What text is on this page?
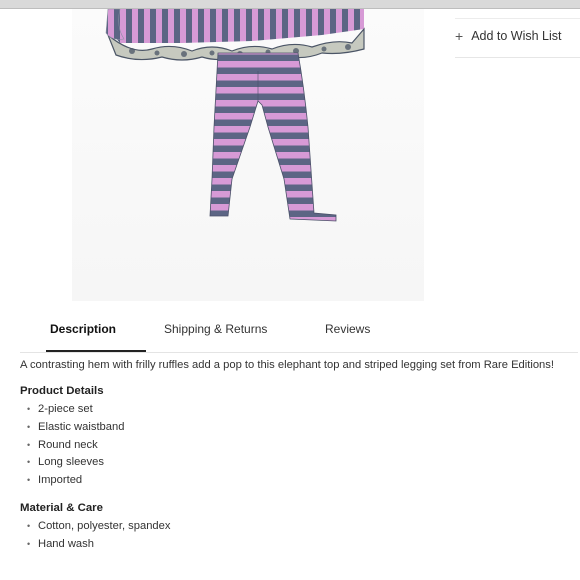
+ Add to Wish List
Description	Shipping & Returns	Reviews

A contrasting hem with frilly ruffles add a pop to this elephant top and striped legging set from Rare Editions!

Product Details
• 2-piece set
• Elastic waistband
• Round neck
• Long sleeves
• Imported
Material & Care
• Cotton, polyester, spandex
• Hand wash
